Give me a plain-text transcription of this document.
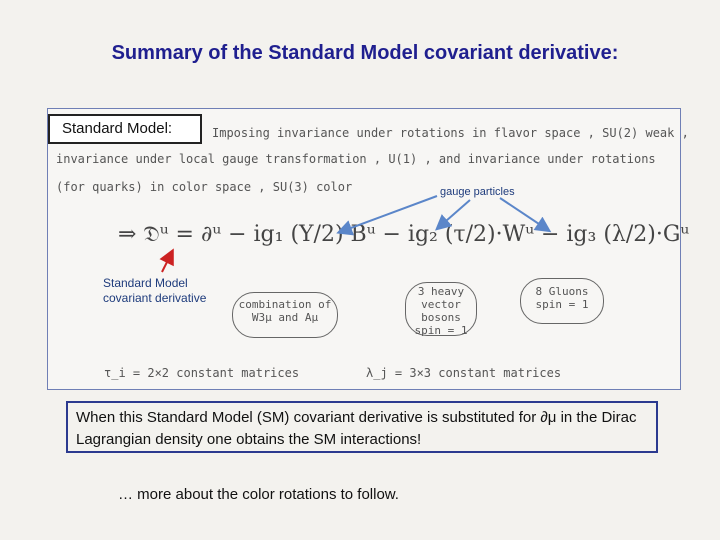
Summary of the Standard Model covariant derivative:
Standard Model:	Imposing invariance under rotations in flavor space , SU(2) weak ,
invariance under local gauge transformation , U(1) , and invariance under rotations
(for quarks) in color space , SU(3) color	gauge particles
⇒ 𝔇ᵘ = ∂ᵘ − ig₁ (Y/2) Bᵘ − ig₂ (τ/2)·Wᵘ − ig₃ (λ/2)·Gᵘ
Standard Model
covariant derivative	combination of W3μ and Aμ
3 heavy vector bosons spin = 1
8 Gluons spin = 1
τ_i = 2×2 constant matrices	λ_j = 3×3 constant matrices
When this Standard Model (SM) covariant derivative is substituted for ∂μ in the Dirac Lagrangian density one obtains the SM interactions!
… more about the color rotations to follow.
